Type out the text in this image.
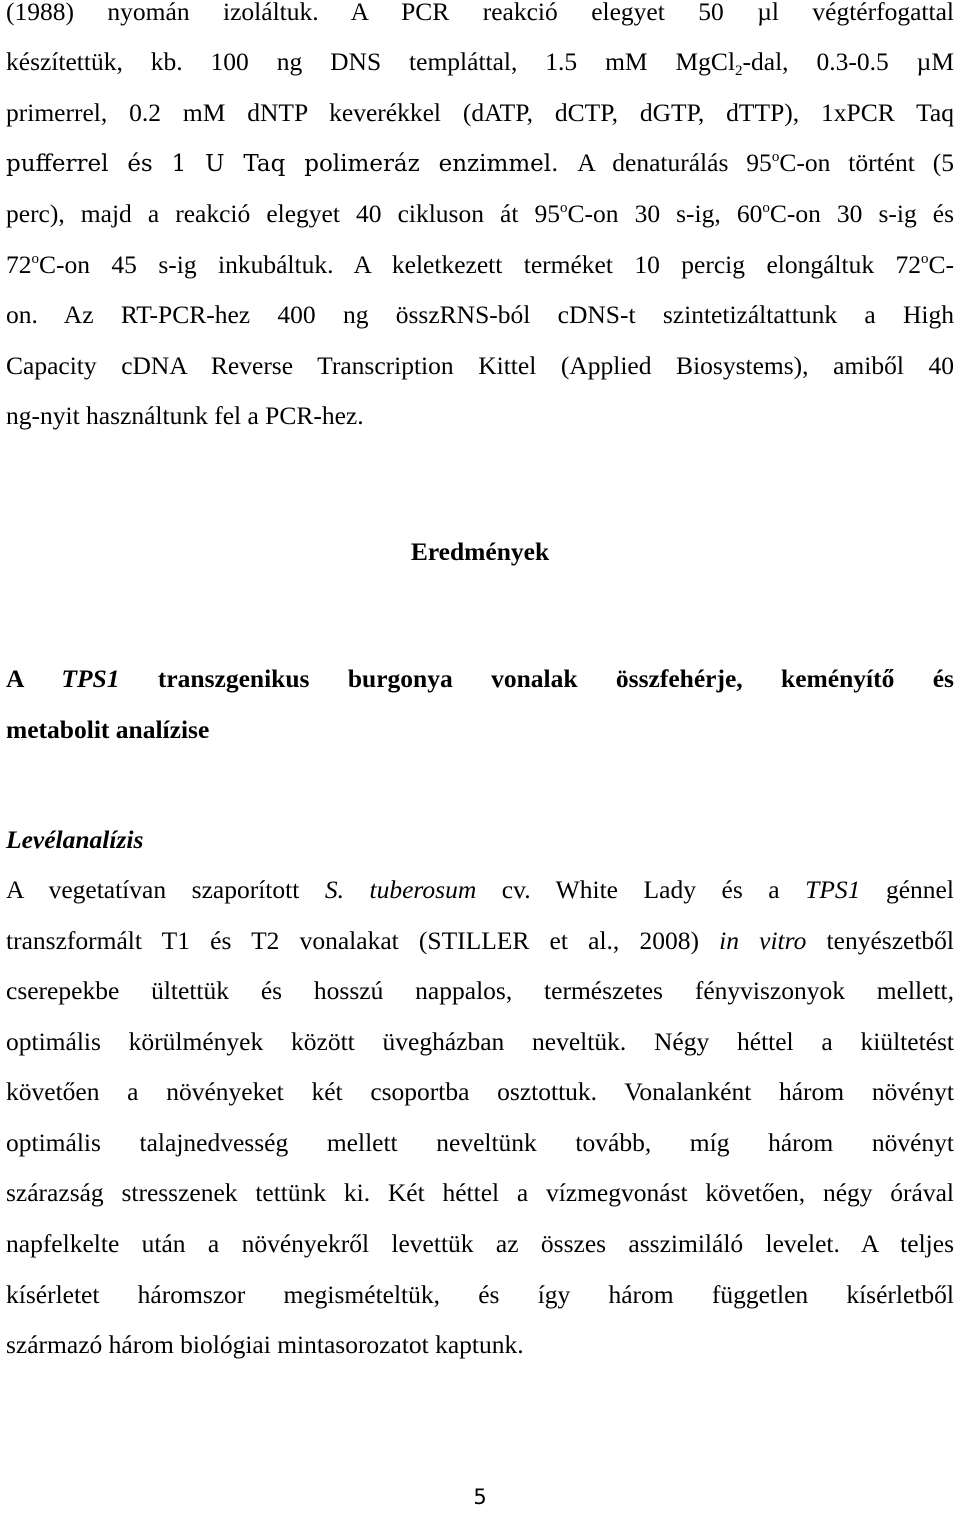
(1988) nyomán izoláltuk. A PCR reakció elegyet 50 µl végtérfogattal
készítettük, kb. 100 ng DNS templáttal, 1.5 mM MgCl$_2$-dal, 0.3-0.5 µM
primerrel, 0.2 mM dNTP keverékkel (dATP, dCTP, dGTP, dTTP), 1xPCR Taq
pufferrel és 1 U Taq polimeráz enzimmel. A denaturálás 95$^o$C-on történt (5
perc), majd a reakció elegyet 40 cikluson át 95$^o$C-on 30 s-ig, 60$^o$C-on 30 s-ig és
72$^o$C-on 45 s-ig inkubáltuk. A keletkezett terméket 10 percig elongáltuk 72$^o$C-
on. Az RT-PCR-hez 400 ng összRNS-ból cDNS-t szintetizáltattunk a High
Capacity cDNA Reverse Transcription Kittel (Applied Biosystems), amiből 40
ng-nyit használtunk fel a PCR-hez.
Eredmények
A TPS1 transzgenikus burgonya vonalak összfehérje, keményítő és
metabolit analízise
Levélanalízis
A vegetatívan szaporított S. tuberosum cv. White Lady és a TPS1 génnel
transzformált T1 és T2 vonalakat (STILLER et al., 2008) in vitro tenyészetből
cserepekbe ültettük és hosszú nappalos, természetes fényviszonyok mellett,
optimális körülmények között üvegházban neveltük. Négy héttel a kiültetést
követően a növényeket két csoportba osztottuk. Vonalanként három növényt
optimális talajnedvesség mellett neveltünk tovább, míg három növényt
szárazság stresszenek tettünk ki. Két héttel a vízmegvonást követően, négy órával
napfelkelte után a növényekről levettük az összes asszimiláló levelet. A teljes
kísérletet háromszor megismételtük, és így három független kísérletből
származó három biológiai mintasorozatot kaptunk.
5
